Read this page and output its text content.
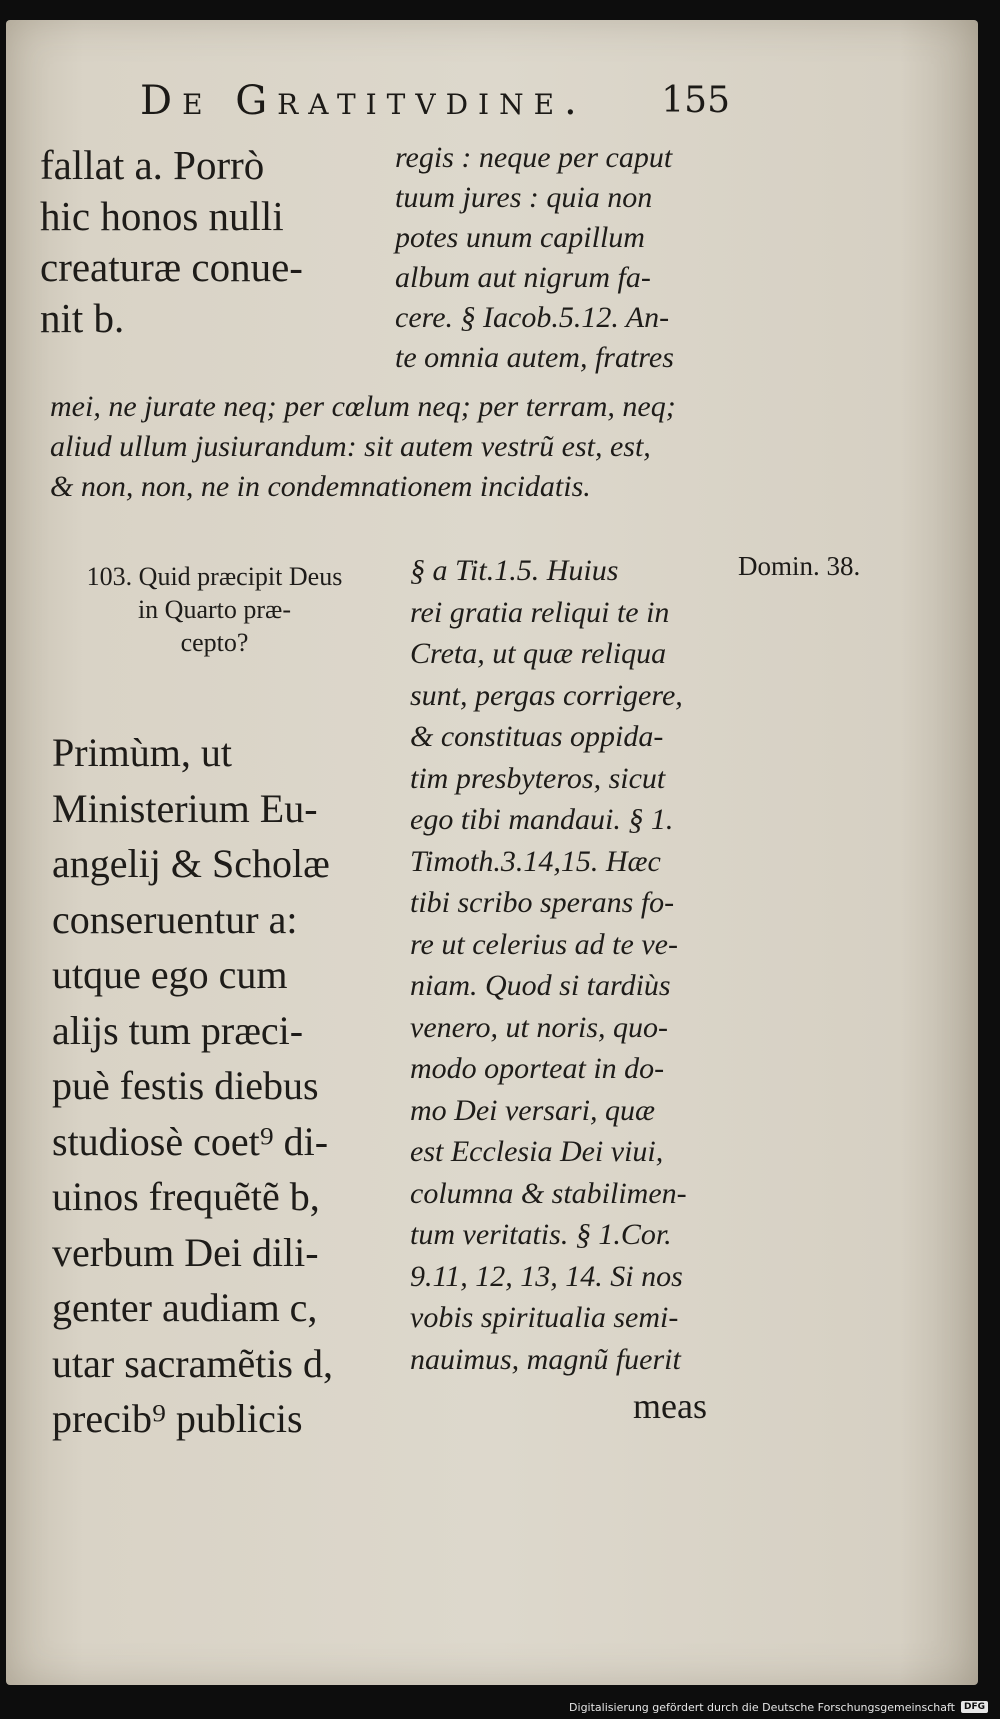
De Gratitvdine. 155
fallat a. Porrò
hic honos nulli
creaturæ conue-
nit b.
regis : neque per caput
tuum jures : quia non
potes unum capillum
album aut nigrum fa-
cere. § Iacob.5.12. An-
te omnia autem, fratres
mei, ne jurate neq; per cœlum neq; per terram, neq;
aliud ullum jusiurandum: sit autem vestrũ est, est,
& non, non, ne in condemnationem incidatis.
103. Quid præcipit Deus
in Quarto præ-
cepto?
Domin. 38.
Primùm, ut
Ministerium Eu-
angelij & Scholæ
conseruentur a:
utque ego cum
alijs tum præci-
puè festis diebus
studiosè coet⁹ di-
uinos frequẽtẽ b,
verbum Dei dili-
genter audiam c,
utar sacramẽtis d,
precib⁹ publicis
§ a Tit.1.5. Huius
rei gratia reliqui te in
Creta, ut quæ reliqua
sunt, pergas corrigere,
& constituas oppida-
tim presbyteros, sicut
ego tibi mandaui. § 1.
Timoth.3.14,15. Hæc
tibi scribo sperans fo-
re ut celerius ad te ve-
niam. Quod si tardiùs
venero, ut noris, quo-
modo oporteat in do-
mo Dei versari, quæ
est Ecclesia Dei viui,
columna & stabilimen-
tum veritatis. § 1.Cor.
9.11, 12, 13, 14. Si nos
vobis spiritualia semi-
nauimus, magnũ fuerit
meas
Digitalisierung gefördert durch die Deutsche Forschungsgemeinschaft	DFG
